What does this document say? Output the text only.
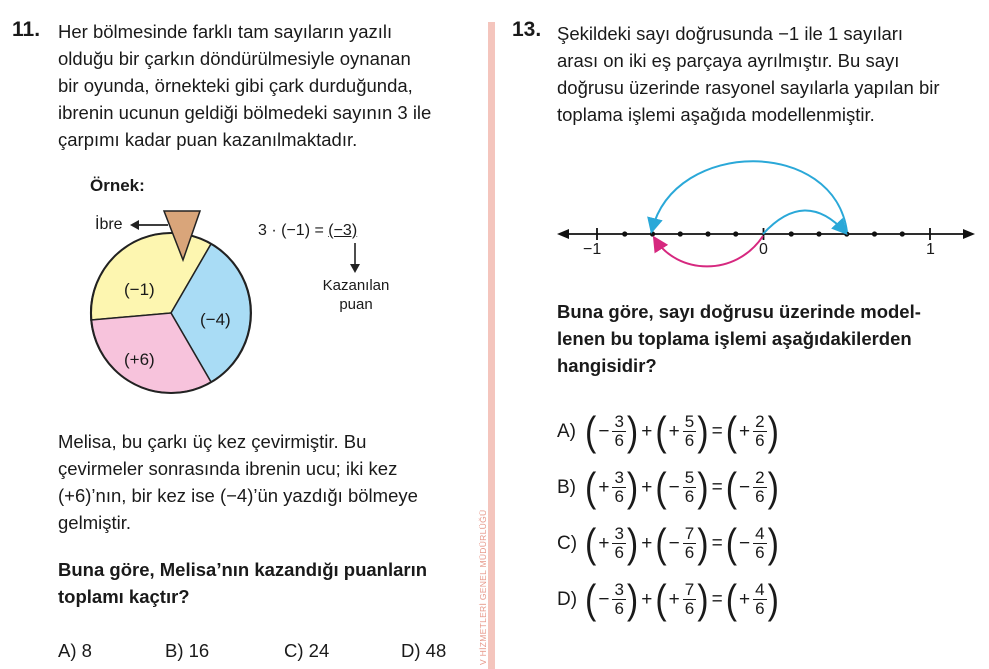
11. Her bölmesinde farklı tam sayıların yazılı

olduğu bir çarkın döndürülmesiyle oynanan

bir oyunda, örnekteki gibi çark durduğunda,

ibrenin ucunun geldiği bölmedeki sayının 3 ile

çarpımı kadar puan kazanılmaktadır.

Örnek:
(−1)
(−4)
(+6)
İbre	3 · (−1) = (−3)
Kazanılan
puan

Melisa, bu çarkı üç kez çevirmiştir. Bu

çevirmeler sonrasında ibrenin ucu; iki kez

(+6)’nın, bir kez ise (−4)’ün yazdığı bölmeye

gelmiştir.

Buna göre, Melisa’nın kazandığı puanların

toplamı kaçtır?

A) 8	B) 16	C) 24	D) 48	V HİZMETLERİ GENEL MÜDÜRLÜĞÜ
13. Şekildeki sayı doğrusunda −1 ile 1 sayıları

arası on iki eş parçaya ayrılmıştır. Bu sayı

doğrusu üzerinde rasyonel sayılarla yapılan bir

toplama işlemi aşağıda modellenmiştir.

−1	0	1

Buna göre, sayı doğrusu üzerinde model-

lenen bu toplama işlemi aşağıdakilerden

hangisidir?

A) ( − $\frac{3}{6}$ ) + ( + $\frac{5}{6}$ ) = ( + $\frac{2}{6}$ )
B) ( + $\frac{3}{6}$ ) + ( − $\frac{5}{6}$ ) = ( − $\frac{2}{6}$ )
C) ( + $\frac{3}{6}$ ) + ( − $\frac{7}{6}$ ) = ( − $\frac{4}{6}$ )
D) ( − $\frac{3}{6}$ ) + ( + $\frac{7}{6}$ ) = ( + $\frac{4}{6}$ )
